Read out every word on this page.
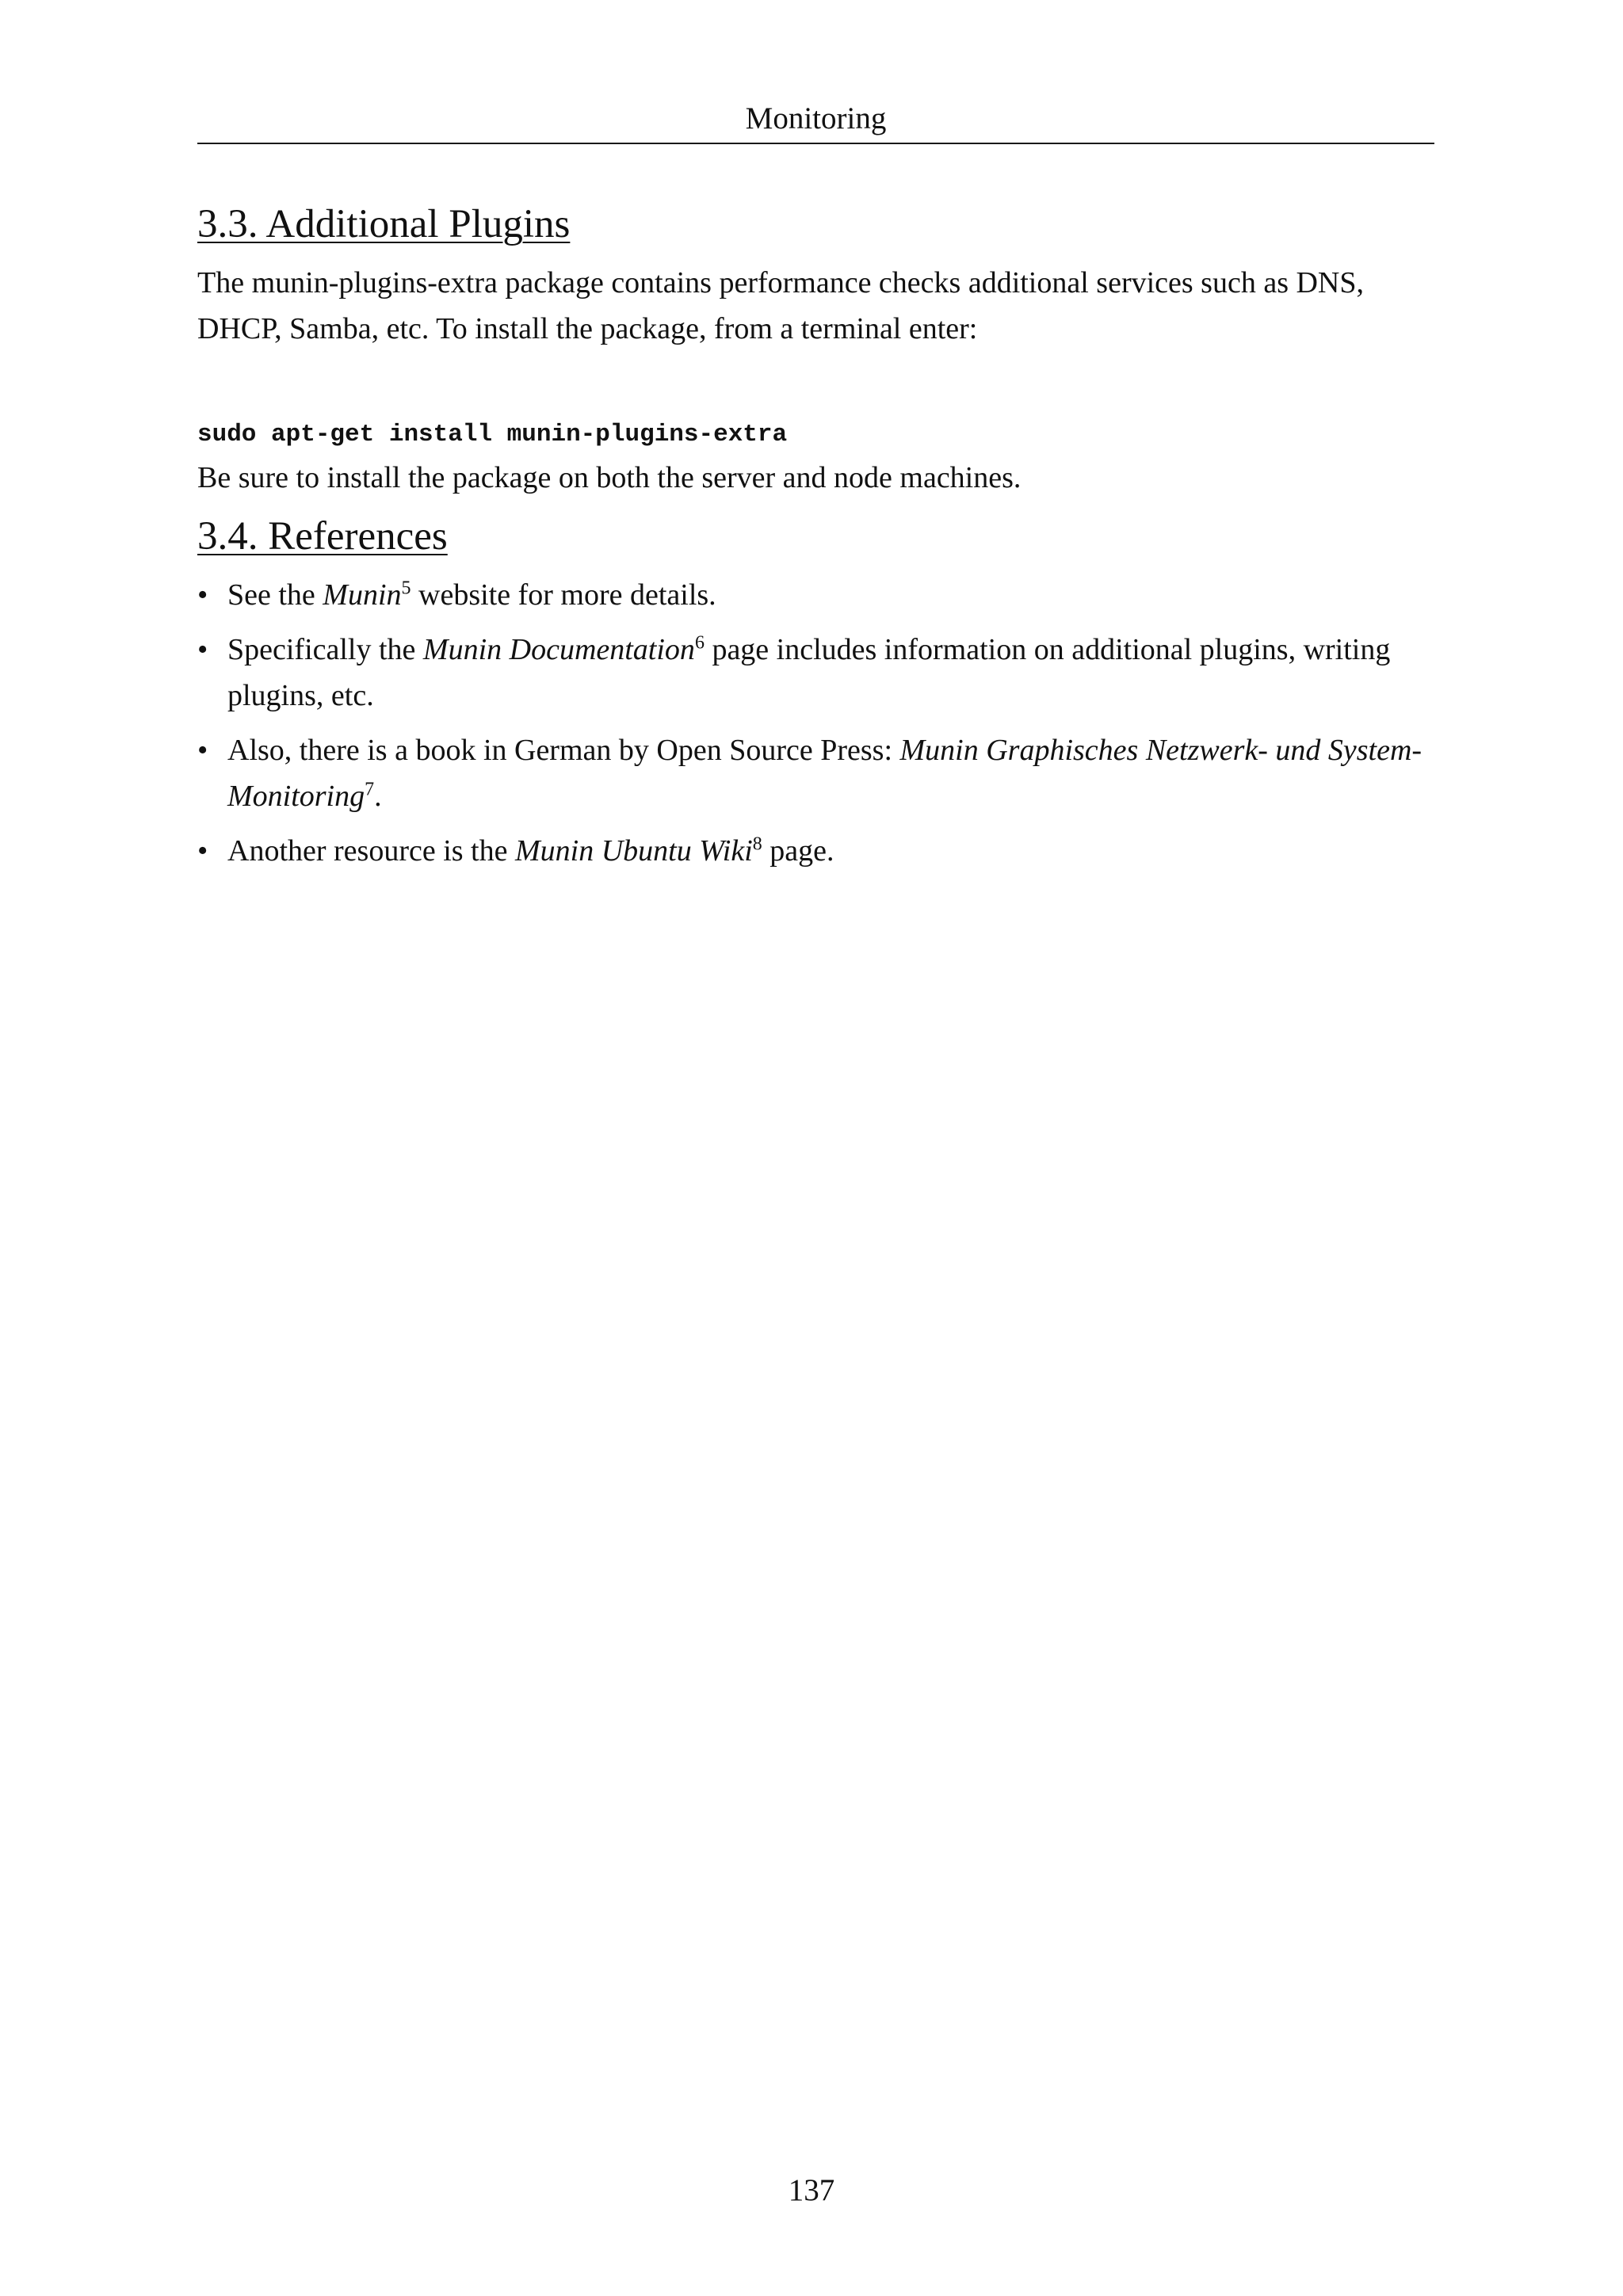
Monitoring
3.3. Additional Plugins

The munin-plugins-extra package contains performance checks additional services such as DNS,
DHCP, Samba, etc. To install the package, from a terminal enter:

sudo apt-get install munin-plugins-extra

Be sure to install the package on both the server and node machines.

3.4. References
• See the Munin$^5$ website for more details.
• Specifically the Munin Documentation$^6$ page includes information on additional plugins, writing
plugins, etc.
• Also, there is a book in German by Open Source Press: Munin Graphisches Netzwerk- und System-
Monitoring$^7$.
• Another resource is the Munin Ubuntu Wiki$^8$ page.
137
